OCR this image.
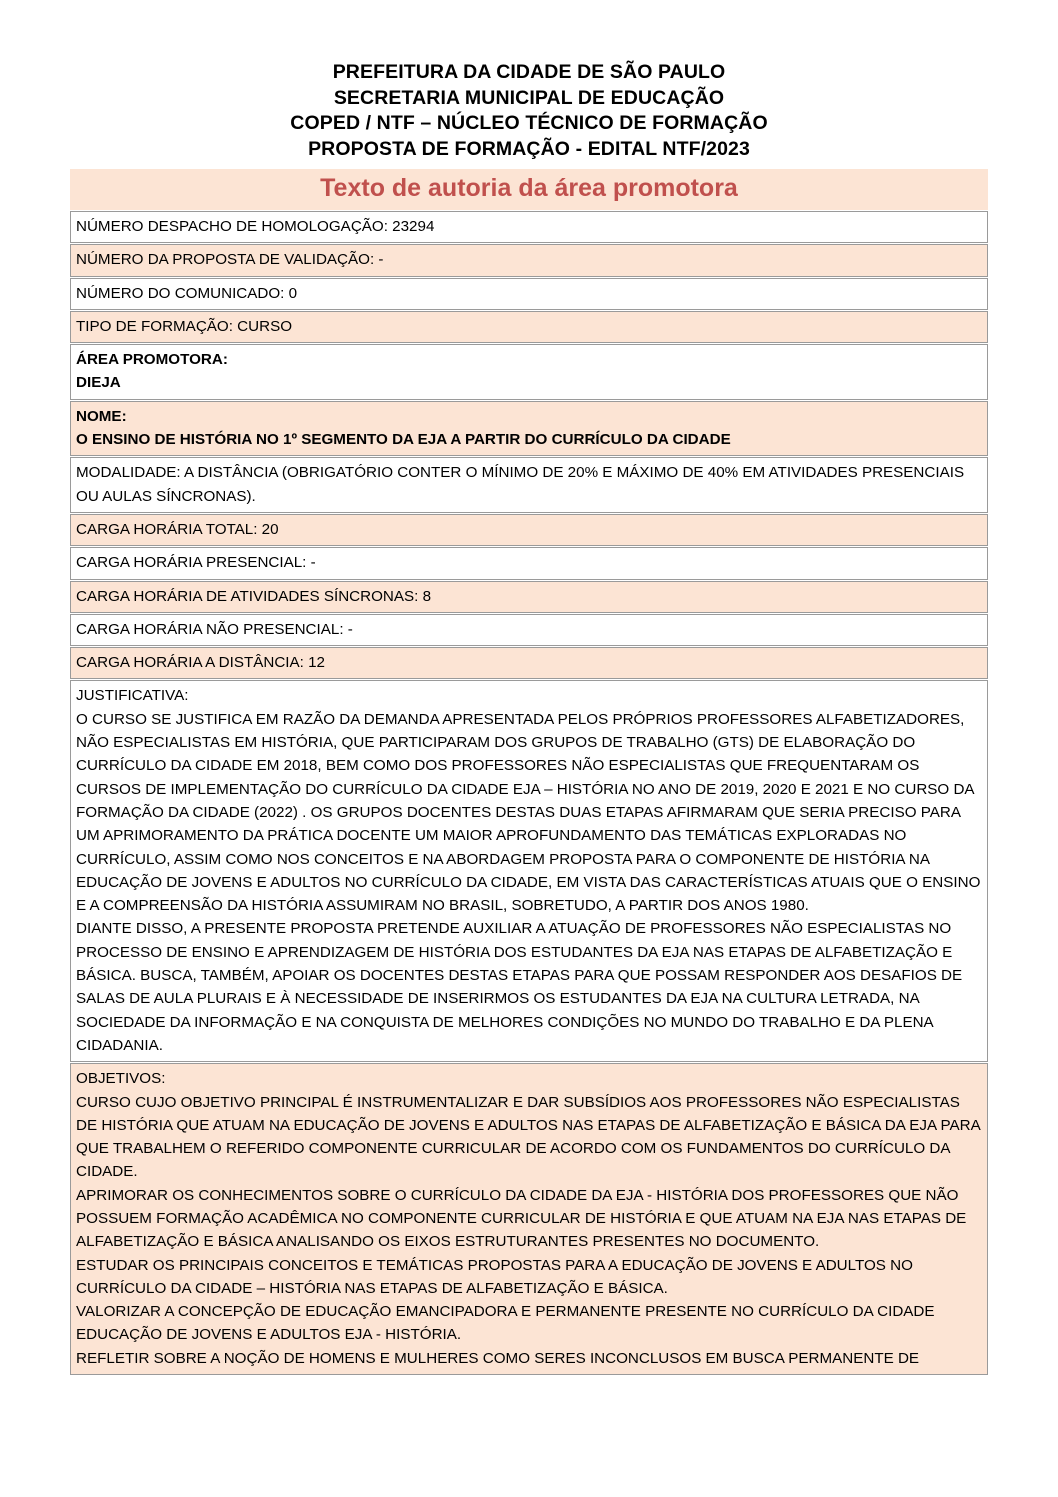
PREFEITURA DA CIDADE DE SÃO PAULO
SECRETARIA MUNICIPAL DE EDUCAÇÃO
COPED / NTF – NÚCLEO TÉCNICO DE FORMAÇÃO
PROPOSTA DE FORMAÇÃO - EDITAL NTF/2023
Texto de autoria da área promotora
NÚMERO DESPACHO DE HOMOLOGAÇÃO: 23294
NÚMERO DA PROPOSTA DE VALIDAÇÃO: -
NÚMERO DO COMUNICADO: 0
TIPO DE FORMAÇÃO: CURSO

ÁREA PROMOTORA:
DIEJA

NOME:
O ENSINO DE HISTÓRIA NO 1º SEGMENTO DA EJA A PARTIR DO CURRÍCULO DA CIDADE

MODALIDADE: A DISTÂNCIA (OBRIGATÓRIO CONTER O MÍNIMO DE 20% E MÁXIMO DE 40% EM ATIVIDADES PRESENCIAIS OU AULAS SÍNCRONAS).
CARGA HORÁRIA TOTAL: 20
CARGA HORÁRIA PRESENCIAL: -
CARGA HORÁRIA DE ATIVIDADES SÍNCRONAS: 8
CARGA HORÁRIA NÃO PRESENCIAL: -
CARGA HORÁRIA A DISTÂNCIA: 12

JUSTIFICATIVA:
O CURSO SE JUSTIFICA EM RAZÃO DA DEMANDA APRESENTADA PELOS PRÓPRIOS PROFESSORES ALFABETIZADORES, NÃO ESPECIALISTAS EM HISTÓRIA, QUE PARTICIPARAM DOS GRUPOS DE TRABALHO (GTS) DE ELABORAÇÃO DO CURRÍCULO DA CIDADE EM 2018, BEM COMO DOS PROFESSORES NÃO ESPECIALISTAS QUE FREQUENTARAM OS CURSOS DE IMPLEMENTAÇÃO DO CURRÍCULO DA CIDADE EJA – HISTÓRIA NO ANO DE 2019, 2020 E 2021 E NO CURSO DA FORMAÇÃO DA CIDADE (2022) . OS GRUPOS DOCENTES DESTAS DUAS ETAPAS AFIRMARAM QUE SERIA PRECISO PARA UM APRIMORAMENTO DA PRÁTICA DOCENTE UM MAIOR APROFUNDAMENTO DAS TEMÁTICAS EXPLORADAS NO CURRÍCULO, ASSIM COMO NOS CONCEITOS E NA ABORDAGEM PROPOSTA PARA O COMPONENTE DE HISTÓRIA NA EDUCAÇÃO DE JOVENS E ADULTOS NO CURRÍCULO DA CIDADE, EM VISTA DAS CARACTERÍSTICAS ATUAIS QUE O ENSINO E A COMPREENSÃO DA HISTÓRIA ASSUMIRAM NO BRASIL, SOBRETUDO, A PARTIR DOS ANOS 1980.
DIANTE DISSO, A PRESENTE PROPOSTA PRETENDE AUXILIAR A ATUAÇÃO DE PROFESSORES NÃO ESPECIALISTAS NO PROCESSO DE ENSINO E APRENDIZAGEM DE HISTÓRIA DOS ESTUDANTES DA EJA NAS ETAPAS DE ALFABETIZAÇÃO E BÁSICA. BUSCA, TAMBÉM, APOIAR OS DOCENTES DESTAS ETAPAS PARA QUE POSSAM RESPONDER AOS DESAFIOS DE SALAS DE AULA PLURAIS E À NECESSIDADE DE INSERIRMOS OS ESTUDANTES DA EJA NA CULTURA LETRADA, NA SOCIEDADE DA INFORMAÇÃO E NA CONQUISTA DE MELHORES CONDIÇÕES NO MUNDO DO TRABALHO E DA PLENA CIDADANIA.

OBJETIVOS:
CURSO CUJO OBJETIVO PRINCIPAL É INSTRUMENTALIZAR E DAR SUBSÍDIOS AOS PROFESSORES NÃO ESPECIALISTAS DE HISTÓRIA QUE ATUAM NA EDUCAÇÃO DE JOVENS E ADULTOS NAS ETAPAS DE ALFABETIZAÇÃO E BÁSICA DA EJA PARA QUE TRABALHEM O REFERIDO COMPONENTE CURRICULAR DE ACORDO COM OS FUNDAMENTOS DO CURRÍCULO DA CIDADE.
APRIMORAR OS CONHECIMENTOS SOBRE O CURRÍCULO DA CIDADE DA EJA - HISTÓRIA DOS PROFESSORES QUE NÃO POSSUEM FORMAÇÃO ACADÊMICA NO COMPONENTE CURRICULAR DE HISTÓRIA E QUE ATUAM NA EJA NAS ETAPAS DE ALFABETIZAÇÃO E BÁSICA ANALISANDO OS EIXOS ESTRUTURANTES PRESENTES NO DOCUMENTO.
ESTUDAR OS PRINCIPAIS CONCEITOS E TEMÁTICAS PROPOSTAS PARA A EDUCAÇÃO DE JOVENS E ADULTOS NO CURRÍCULO DA CIDADE – HISTÓRIA NAS ETAPAS DE ALFABETIZAÇÃO E BÁSICA.
VALORIZAR A CONCEPÇÃO DE EDUCAÇÃO EMANCIPADORA E PERMANENTE PRESENTE NO CURRÍCULO DA CIDADE EDUCAÇÃO DE JOVENS E ADULTOS EJA - HISTÓRIA.
REFLETIR SOBRE A NOÇÃO DE HOMENS E MULHERES COMO SERES INCONCLUSOS EM BUSCA PERMANENTE DE
